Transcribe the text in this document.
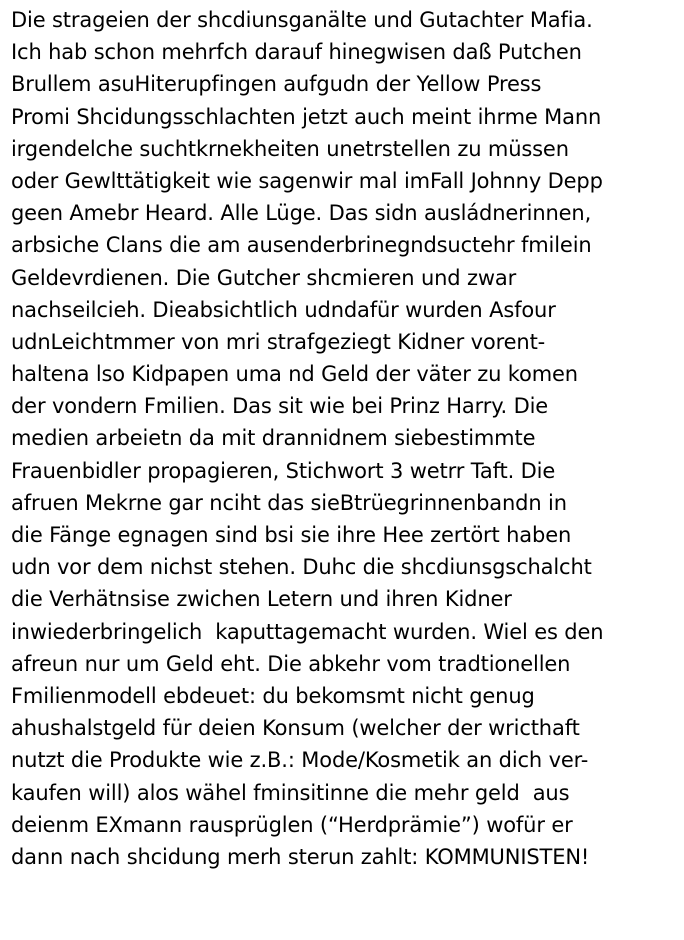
Die strageien der shcdiunsganälte und Gutachter Mafia.
Ich hab schon mehrfch darauf hinegwisen daß Putchen
Brullem asuHiterupfingen aufgudn der Yellow Press
Promi Shcidungsschlachten jetzt auch meint ihrme Mann
irgendelche suchtkrnekheiten unetrstellen zu müssen
oder Gewlttätigkeit wie sagenwir mal imFall Johnny Depp
geen Amebr Heard. Alle Lüge. Das sidn ausládnerinnen,
arbsiche Clans die am ausenderbrinegndsuctehr fmilein
Geldevrdienen. Die Gutcher shcmieren und zwar
nachseilcieh. Dieabsichtlich udndafür wurden Asfour
udnLeichtmmer von mri strafgeziegt Kidner vorent-
haltena lso Kidpapen uma nd Geld der väter zu komen
der vondern Fmilien. Das sit wie bei Prinz Harry. Die
medien arbeietn da mit drannidnem siebestimmte
Frauenbidler propagieren, Stichwort 3 wetrr Taft. Die
afruen Mekrne gar nciht das sieBtrüegrinnenbandn in
die Fänge egnagen sind bsi sie ihre Hee zertört haben
udn vor dem nichst stehen. Duhc die shcdiunsgschalcht
die Verhätnsise zwichen Letern und ihren Kidner
inwiederbringelich  kaputtagemacht wurden. Wiel es den
afreun nur um Geld eht. Die abkehr vom tradtionellen
Fmilienmodell ebdeuet: du bekomsmt nicht genug
ahushalstgeld für deien Konsum (welcher der wricthaft
nutzt die Produkte wie z.B.: Mode/Kosmetik an dich ver-
kaufen will) alos wähel fminsitinne die mehr geld  aus
deienm EXmann rausprüglen (“Herdprämie”) wofür er
dann nach shcidung merh sterun zahlt: KOMMUNISTEN!
